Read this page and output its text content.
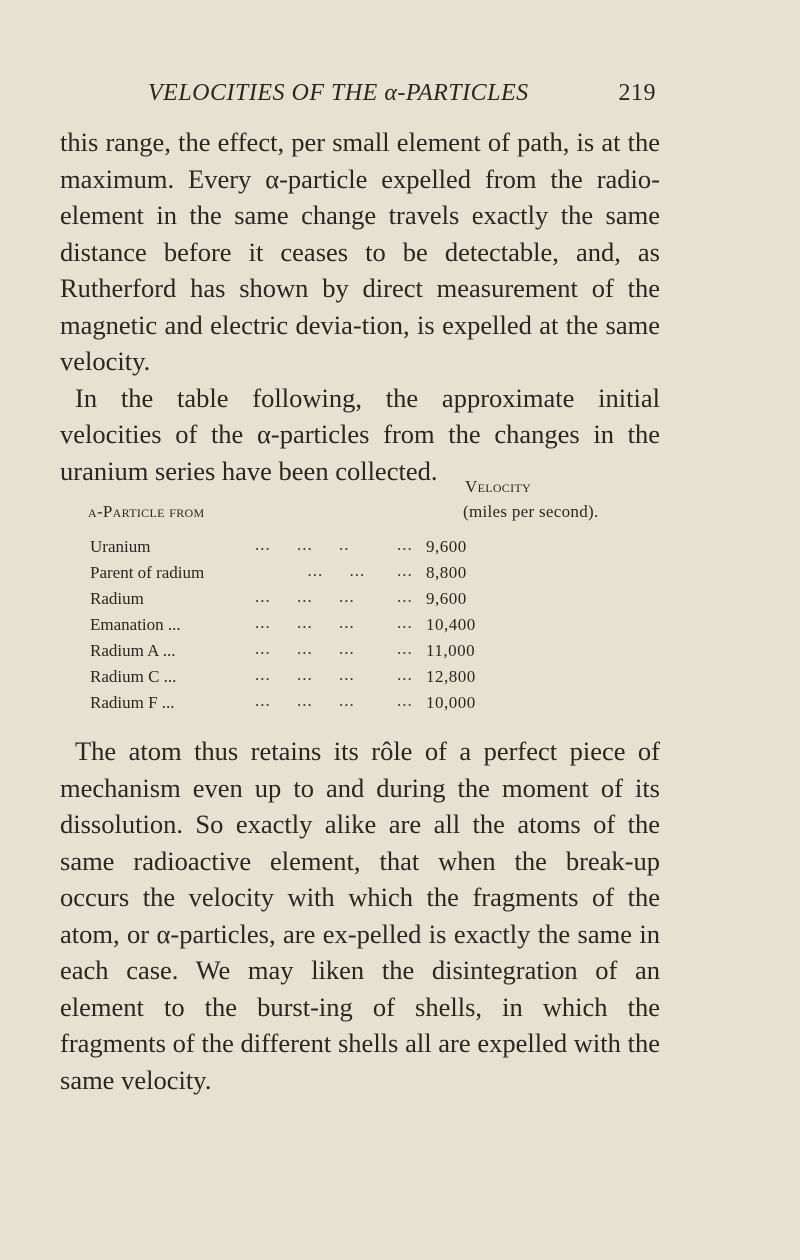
VELOCITIES OF THE α-PARTICLES	219

this range, the effect, per small element of path, is at the maximum. Every α-particle expelled from the radio-element in the same change travels exactly the same distance before it ceases to be detectable, and, as Rutherford has shown by direct measurement of the magnetic and electric devia-tion, is expelled at the same velocity.
In the table following, the approximate initial velocities of the α-particles from the changes in the uranium series have been collected.

Velocity
α-Particle from	(miles per second).
Uranium	...     ...     ..	... 9,600
Parent of radium	...     ... ... 8,800
Radium	...     ...     ... ... 9,600
Emanation ...	...     ...     ... ... 10,400
Radium A ...	...     ...     ... ... 11,000
Radium C ...	...     ...     ... ... 12,800
Radium F ...	...     ...     ... ... 10,000

The atom thus retains its rôle of a perfect piece of mechanism even up to and during the moment of its dissolution. So exactly alike are all the atoms of the same radioactive element, that when the break-up occurs the velocity with which the fragments of the atom, or α-particles, are ex-pelled is exactly the same in each case. We may liken the disintegration of an element to the burst-ing of shells, in which the fragments of the different shells all are expelled with the same velocity.
